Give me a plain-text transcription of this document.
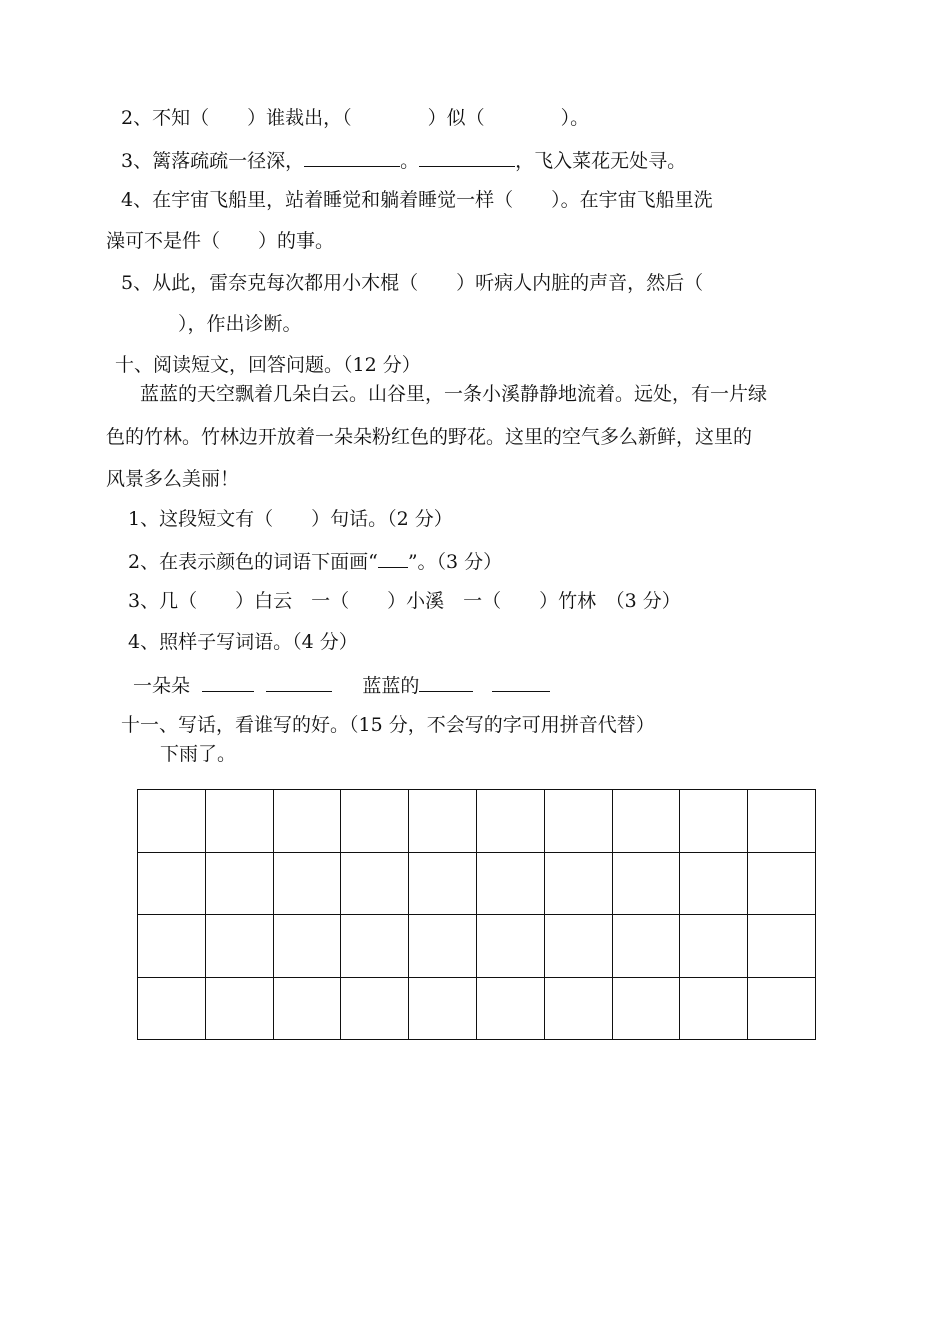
2、不知（　　）谁裁出，（　　　　）似（　　　　）。
3、篱落疏疏一径深，	。	，飞入菜花无处寻。
4、在宇宙飞船里，站着睡觉和躺着睡觉一样（　　）。在宇宙飞船里洗
澡可不是件（　　）的事。
5、从此，雷奈克每次都用小木棍（　　）听病人内脏的声音，然后（
　　），作出诊断。
十、阅读短文，回答问题。（12 分）
蓝蓝的天空飘着几朵白云。山谷里，一条小溪静静地流着。远处，有一片绿
色的竹林。竹林边开放着一朵朵粉红色的野花。这里的空气多么新鲜，这里的
风景多么美丽！
1、这段短文有（　　）句话。（2 分）
2、在表示颜色的词语下面画“ ”。（3 分）
3、几（　　）白云　一（　　）小溪　一（　　）竹林　（3 分）
4、照样子写词语。（4 分）
一朵朵	蓝蓝的
十一、写话，看谁写的好。（15 分，不会写的字可用拼音代替）
下雨了。
